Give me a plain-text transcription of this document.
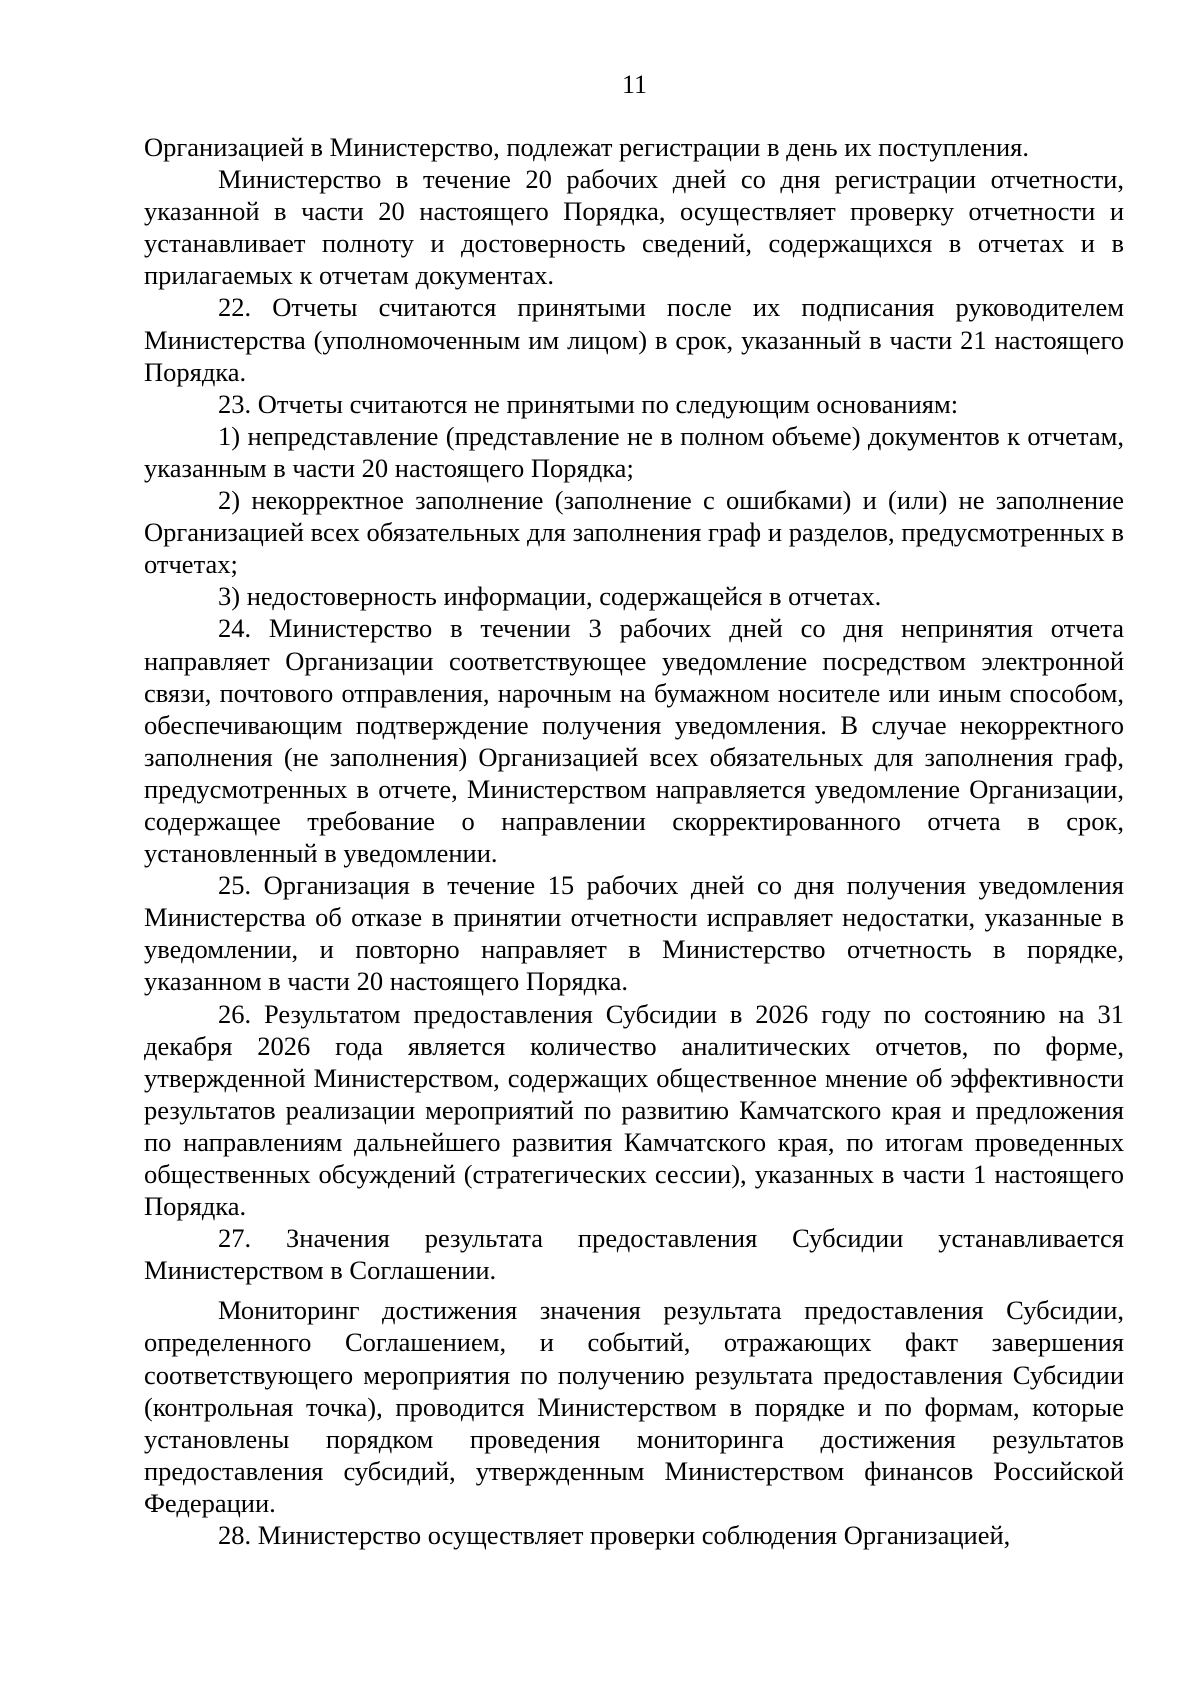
11

Организацией в Министерство, подлежат регистрации в день их поступления.

Министерство в течение 20 рабочих дней со дня регистрации отчетности, указанной в части 20 настоящего Порядка, осуществляет проверку отчетности и устанавливает полноту и достоверность сведений, содержащихся в отчетах и в прилагаемых к отчетам документах.

22. Отчеты считаются принятыми после их подписания руководителем Министерства (уполномоченным им лицом) в срок, указанный в части 21 настоящего Порядка.

23. Отчеты считаются не принятыми по следующим основаниям:

1) непредставление (представление не в полном объеме) документов к отчетам, указанным в части 20 настоящего Порядка;

2) некорректное заполнение (заполнение с ошибками) и (или) не заполнение Организацией всех обязательных для заполнения граф и разделов, предусмотренных в отчетах;

3) недостоверность информации, содержащейся в отчетах.

24. Министерство в течении 3 рабочих дней со дня непринятия отчета направляет Организации соответствующее уведомление посредством электронной связи, почтового отправления, нарочным на бумажном носителе или иным способом, обеспечивающим подтверждение получения уведомления. В случае некорректного заполнения (не заполнения) Организацией всех обязательных для заполнения граф, предусмотренных в отчете, Министерством направляется уведомление Организации, содержащее требование о направлении скорректированного отчета в срок, установленный в уведомлении.

25. Организация в течение 15 рабочих дней со дня получения уведомления Министерства об отказе в принятии отчетности исправляет недостатки, указанные в уведомлении, и повторно направляет в Министерство отчетность в порядке, указанном в части 20 настоящего Порядка.

26. Результатом предоставления Субсидии в 2026 году по состоянию на 31 декабря 2026 года является количество аналитических отчетов, по форме, утвержденной Министерством, содержащих общественное мнение об эффективности результатов реализации мероприятий по развитию Камчатского края и предложения по направлениям дальнейшего развития Камчатского края, по итогам проведенных общественных обсуждений (стратегических сессии), указанных в части 1 настоящего Порядка.

27. Значения результата предоставления Субсидии устанавливается Министерством в Соглашении.

Мониторинг достижения значения результата предоставления Субсидии, определенного Соглашением, и событий, отражающих факт завершения соответствующего мероприятия по получению результата предоставления Субсидии (контрольная точка), проводится Министерством в порядке и по формам, которые установлены порядком проведения мониторинга достижения результатов предоставления субсидий, утвержденным Министерством финансов Российской Федерации.

28. Министерство осуществляет проверки соблюдения Организацией,
